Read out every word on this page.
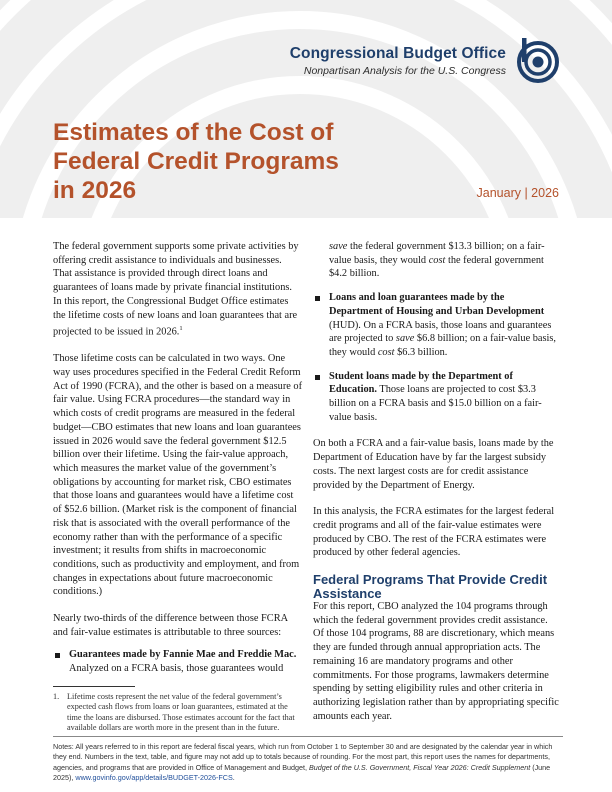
Congressional Budget Office
Nonpartisan Analysis for the U.S. Congress
Estimates of the Cost of
Federal Credit Programs
in 2026	January | 2026

The federal government supports some private activities by offering credit assistance to individuals and businesses. That assistance is provided through direct loans and guarantees of loans made by private financial institutions. In this report, the Congressional Budget Office estimates the lifetime costs of new loans and loan guarantees that are projected to be issued in 2026.$^1$

Those lifetime costs can be calculated in two ways. One way uses procedures specified in the Federal Credit Reform Act of 1990 (FCRA), and the other is based on a measure of fair value. Using FCRA procedures—the standard way in which costs of credit programs are measured in the federal budget—CBO estimates that new loans and loan guarantees issued in 2026 would save the federal government $12.5 billion over their lifetime. Using the fair-value approach, which measures the market value of the government’s obligations by accounting for market risk, CBO estimates that those loans and guarantees would have a lifetime cost of $52.6 billion. (Market risk is the component of financial risk that is associated with the overall performance of the economy rather than with the performance of a specific investment; it results from shifts in macroeconomic conditions, such as productivity and employment, and from changes in expectations about future macroeconomic conditions.)

Nearly two-thirds of the difference between those FCRA and fair-value estimates is attributable to three sources:

Guarantees made by Fannie Mae and Freddie Mac. Analyzed on a FCRA basis, those guarantees would
1. Lifetime costs represent the net value of the federal government’s expected cash flows from loans or loan guarantees, estimated at the time the loans are disbursed. Those estimates account for the fact that available dollars are worth more in the present than in the future.

save the federal government $13.3 billion; on a fair-value basis, they would cost the federal government $4.2 billion.

Loans and loan guarantees made by the Department of Housing and Urban Development (HUD). On a FCRA basis, those loans and guarantees are projected to save $6.8 billion; on a fair-value basis, they would cost $6.3 billion.
Student loans made by the Department of Education. Those loans are projected to cost $3.3 billion on a FCRA basis and $15.0 billion on a fair-value basis.

On both a FCRA and a fair-value basis, loans made by the Department of Education have by far the largest subsidy costs. The next largest costs are for credit assistance provided by the Department of Energy.

In this analysis, the FCRA estimates for the largest federal credit programs and all of the fair-value estimates were produced by CBO. The rest of the FCRA estimates were produced by other federal agencies.

Federal Programs That Provide Credit Assistance

For this report, CBO analyzed the 104 programs through which the federal government provides credit assistance. Of those 104 programs, 88 are discretionary, which means they are funded through annual appropriation acts. The remaining 16 are mandatory programs and other commitments. For those programs, lawmakers determine spending by setting eligibility rules and other criteria in authorizing legislation rather than by appropriating specific amounts each year.

Notes: All years referred to in this report are federal fiscal years, which run from October 1 to September 30 and are designated by the calendar year in which they end. Numbers in the text, table, and figure may not add up to totals because of rounding. For the most part, this report uses the names for departments, agencies, and programs that are provided in Office of Management and Budget, Budget of the U.S. Government, Fiscal Year 2026: Credit Supplement (June 2025), www.govinfo.gov/app/details/BUDGET-2026-FCS.
